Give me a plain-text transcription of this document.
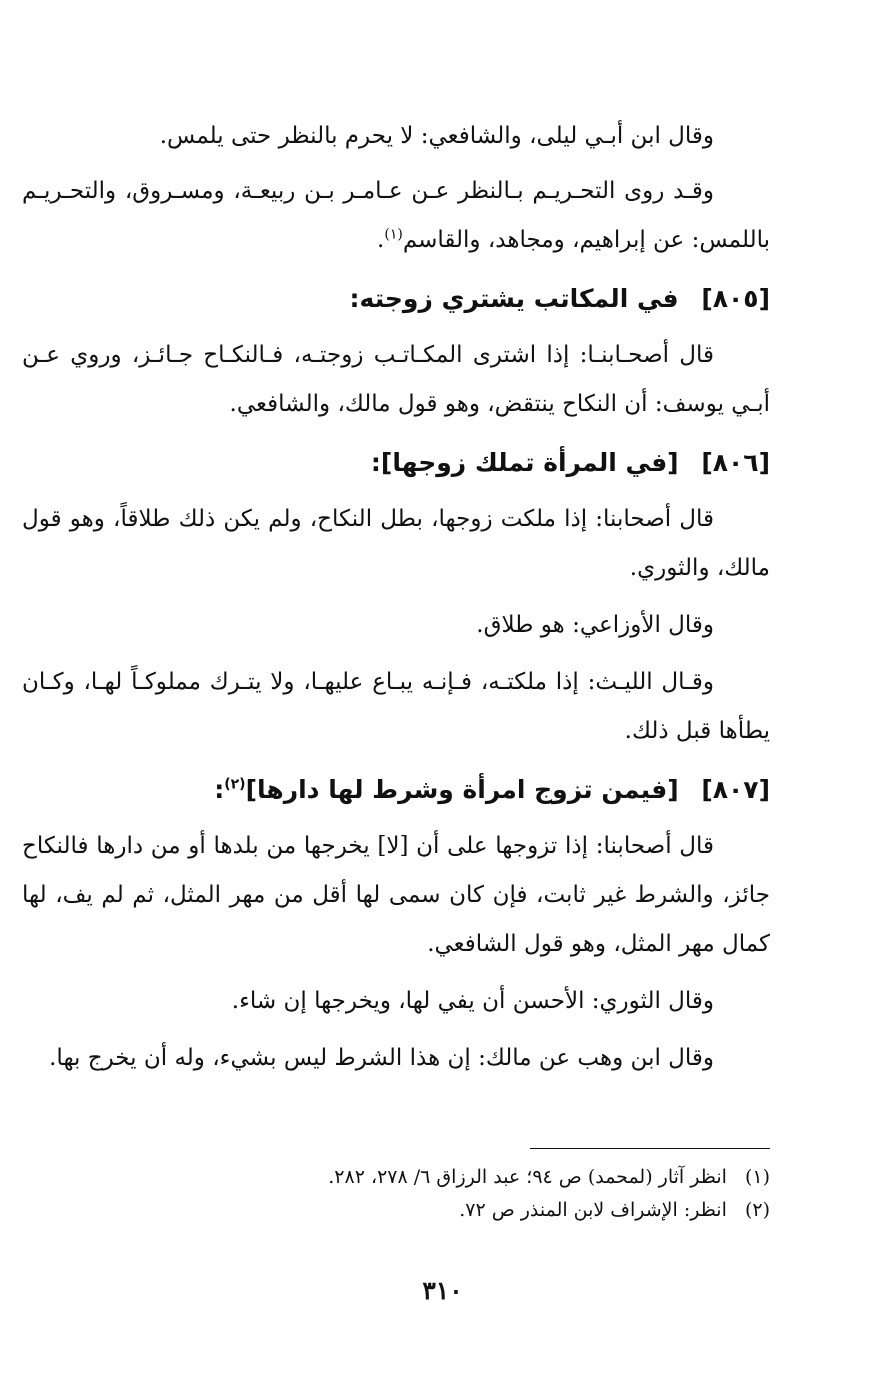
وقال ابن أبـي ليلى، والشافعي: لا يحرم بالنظر حتى يلمس.

وقـد روى التحـريـم بـالنظر عـن عـامـر بـن ربيعـة، ومسـروق، والتحـريـم باللمس: عن إبراهيم، ومجاهد، والقاسم$^{(١)}$.

[٨٠٥] في المكاتب يشتري زوجته:

قال أصحـابنـا: إذا اشترى المكـاتـب زوجتـه، فـالنكـاح جـائـز، وروي عـن أبـي يوسف: أن النكاح ينتقض، وهو قول مالك، والشافعي.

[٨٠٦] [في المرأة تملك زوجها]:

قال أصحابنا: إذا ملكت زوجها، بطل النكاح، ولم يكن ذلك طلاقاً، وهو قول مالك، والثوري.

وقال الأوزاعي: هو طلاق.

وقـال الليـث: إذا ملكتـه، فـإنـه يبـاع عليهـا، ولا يتـرك مملوكـاً لهـا، وكـان يطأها قبل ذلك.

[٨٠٧] [فيمن تزوج امرأة وشرط لها دارها]$^{(٢)}$:

قال أصحابنا: إذا تزوجها على أن [لا] يخرجها من بلدها أو من دارها فالنكاح جائز، والشرط غير ثابت، فإن كان سمى لها أقل من مهر المثل، ثم لم يف، لها كمال مهر المثل، وهو قول الشافعي.

وقال الثوري: الأحسن أن يفي لها، ويخرجها إن شاء.

وقال ابن وهب عن مالك: إن هذا الشرط ليس بشيء، وله أن يخرج بها.

(١) انظر آثار (لمحمد) ص ٩٤؛ عبد الرزاق ٦/ ٢٧٨، ٢٨٢.
(٢) انظر: الإشراف لابن المنذر ص ٧٢.
٣١٠
